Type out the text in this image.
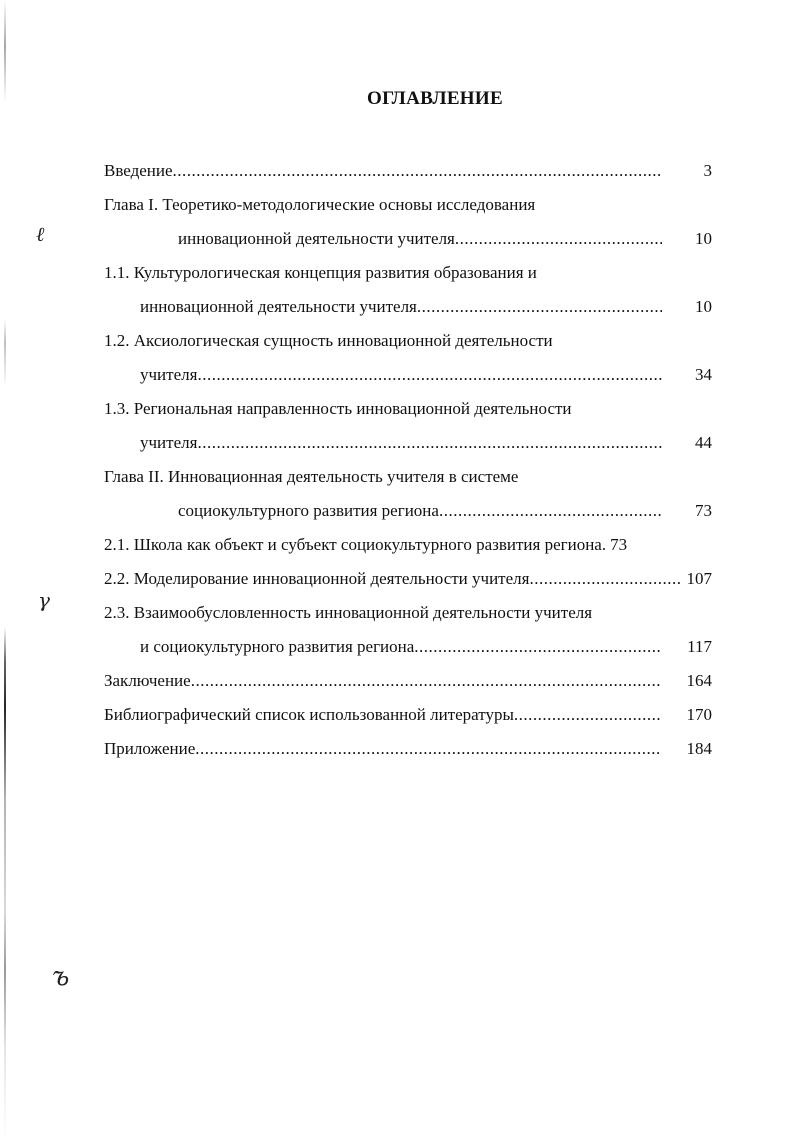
ℓ
γ
ъ
ОГЛАВЛЕНИЕ
Введение .....	3
Глава I. Теоретико-методологические основы исследования
инновационной деятельности учителя .....	10
1.1. Культурологическая концепция развития образования и
инновационной деятельности учителя .....	10
1.2. Аксиологическая сущность инновационной деятельности
учителя .....	34
1.3. Региональная направленность инновационной деятельности
учителя .....	44
Глава II. Инновационная деятельность учителя в системе
социокультурного развития региона .....	73
2.1. Школа как объект и субъект социокультурного развития региона. 73
2.2. Моделирование инновационной деятельности учителя .....	107
2.3. Взаимообусловленность инновационной деятельности учителя
и социокультурного развития региона .....	117
Заключение .....	164
Библиографический список использованной литературы .....	170
Приложение .....	184
